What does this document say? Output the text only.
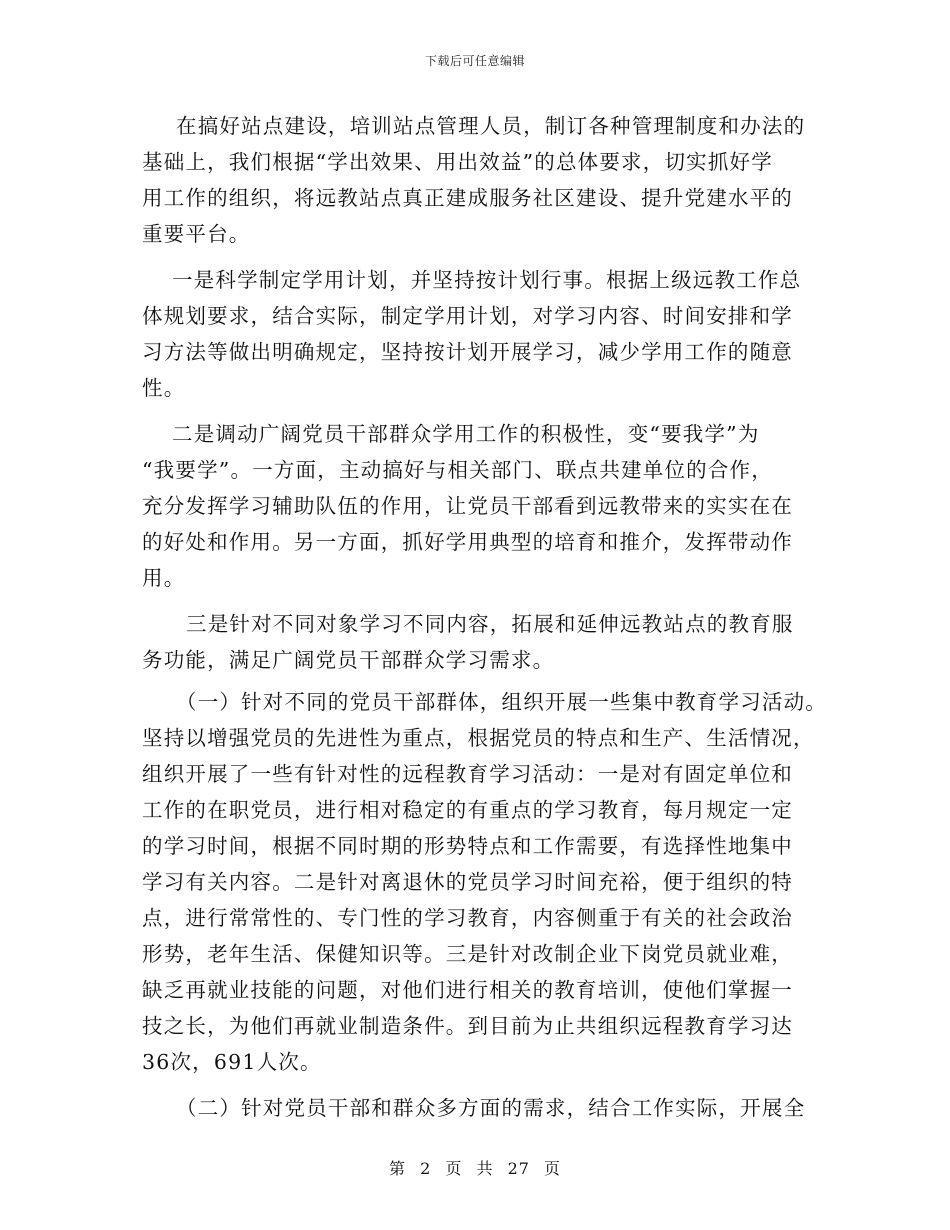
下载后可任意编辑
在搞好站点建设，培训站点管理人员，制订各种管理制度和办法的
基础上，我们根据“学出效果、用出效益”的总体要求，切实抓好学
用工作的组织，将远教站点真正建成服务社区建设、提升党建水平的
重要平台。
一是科学制定学用计划，并坚持按计划行事。根据上级远教工作总
体规划要求，结合实际，制定学用计划，对学习内容、时间安排和学
习方法等做出明确规定，坚持按计划开展学习，减少学用工作的随意
性。
二是调动广阔党员干部群众学用工作的积极性，变“要我学”为
“我要学”。一方面，主动搞好与相关部门、联点共建单位的合作，
充分发挥学习辅助队伍的作用，让党员干部看到远教带来的实实在在
的好处和作用。另一方面，抓好学用典型的培育和推介，发挥带动作
用。
三是针对不同对象学习不同内容，拓展和延伸远教站点的教育服
务功能，满足广阔党员干部群众学习需求。
（一）针对不同的党员干部群体，组织开展一些集中教育学习活动。
坚持以增强党员的先进性为重点，根据党员的特点和生产、生活情况，
组织开展了一些有针对性的远程教育学习活动：一是对有固定单位和
工作的在职党员，进行相对稳定的有重点的学习教育，每月规定一定
的学习时间，根据不同时期的形势特点和工作需要，有选择性地集中
学习有关内容。二是针对离退休的党员学习时间充裕，便于组织的特
点，进行常常性的、专门性的学习教育，内容侧重于有关的社会政治
形势，老年生活、保健知识等。三是针对改制企业下岗党员就业难，
缺乏再就业技能的问题，对他们进行相关的教育培训，使他们掌握一
技之长，为他们再就业制造条件。到目前为止共组织远程教育学习达
36次，691人次。
（二）针对党员干部和群众多方面的需求，结合工作实际，开展全
第 2 页 共 27 页
